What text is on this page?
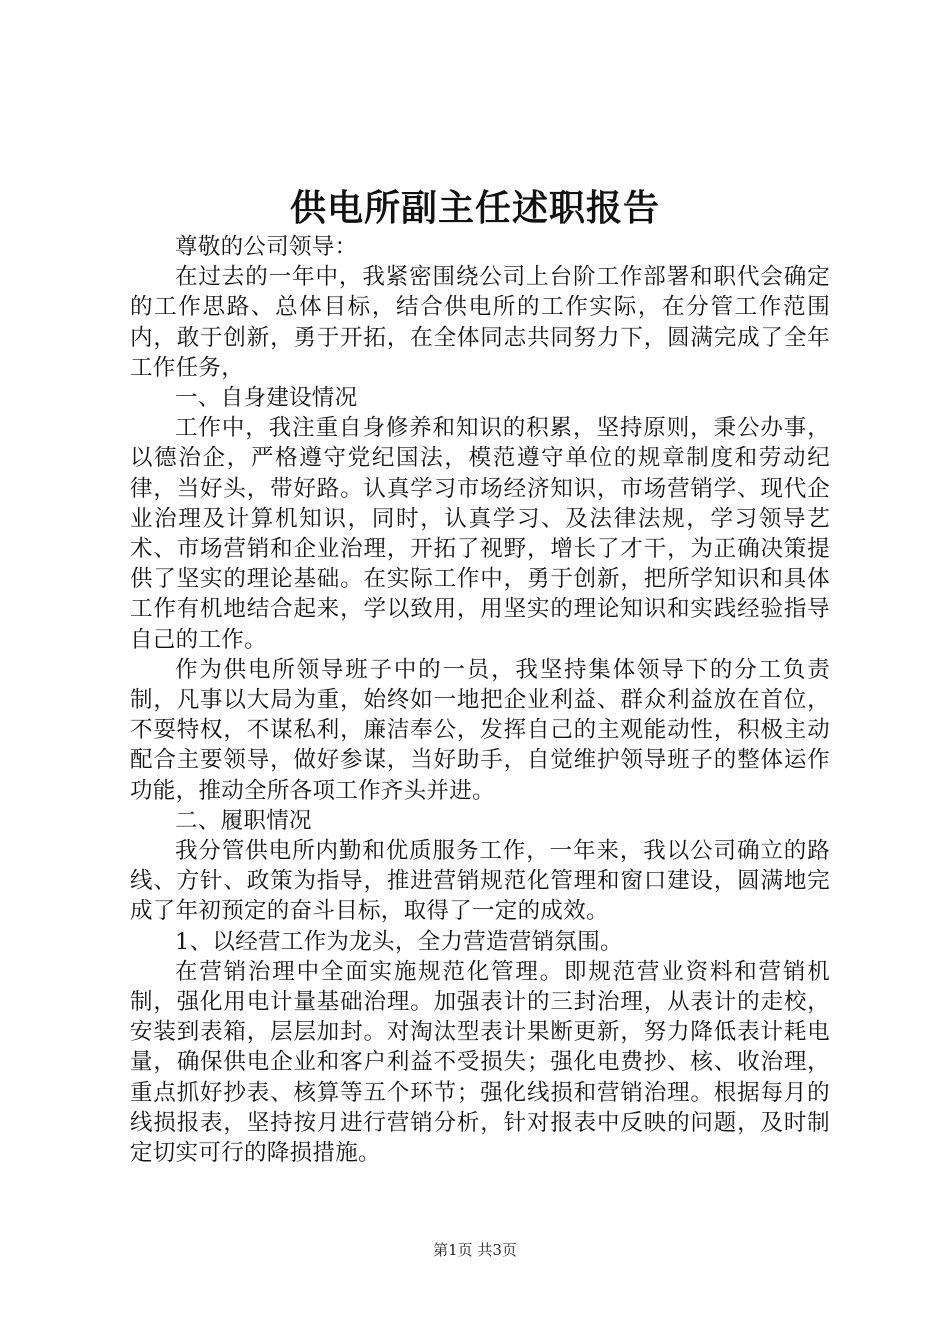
供电所副主任述职报告

尊敬的公司领导：

在过去的一年中，我紧密围绕公司上台阶工作部署和职代会确定的工作思路、总体目标，结合供电所的工作实际，在分管工作范围内，敢于创新，勇于开拓，在全体同志共同努力下，圆满完成了全年工作任务，

一、自身建设情况

工作中，我注重自身修养和知识的积累，坚持原则，秉公办事，以德治企，严格遵守党纪国法，模范遵守单位的规章制度和劳动纪律，当好头，带好路。认真学习市场经济知识，市场营销学、现代企业治理及计算机知识，同时，认真学习、及法律法规，学习领导艺术、市场营销和企业治理，开拓了视野，增长了才干，为正确决策提供了坚实的理论基础。在实际工作中，勇于创新，把所学知识和具体工作有机地结合起来，学以致用，用坚实的理论知识和实践经验指导自己的工作。

作为供电所领导班子中的一员，我坚持集体领导下的分工负责制，凡事以大局为重，始终如一地把企业利益、群众利益放在首位，不耍特权，不谋私利，廉洁奉公，发挥自己的主观能动性，积极主动配合主要领导，做好参谋，当好助手，自觉维护领导班子的整体运作功能，推动全所各项工作齐头并进。

二、履职情况

我分管供电所内勤和优质服务工作，一年来，我以公司确立的路线、方针、政策为指导，推进营销规范化管理和窗口建设，圆满地完成了年初预定的奋斗目标，取得了一定的成效。

1、以经营工作为龙头，全力营造营销氛围。

在营销治理中全面实施规范化管理。即规范营业资料和营销机制，强化用电计量基础治理。加强表计的三封治理，从表计的走校，安装到表箱，层层加封。对淘汰型表计果断更新，努力降低表计耗电量，确保供电企业和客户利益不受损失；强化电费抄、核、收治理，重点抓好抄表、核算等五个环节；强化线损和营销治理。根据每月的线损报表，坚持按月进行营销分析，针对报表中反映的问题，及时制定切实可行的降损措施。

第1页 共3页
